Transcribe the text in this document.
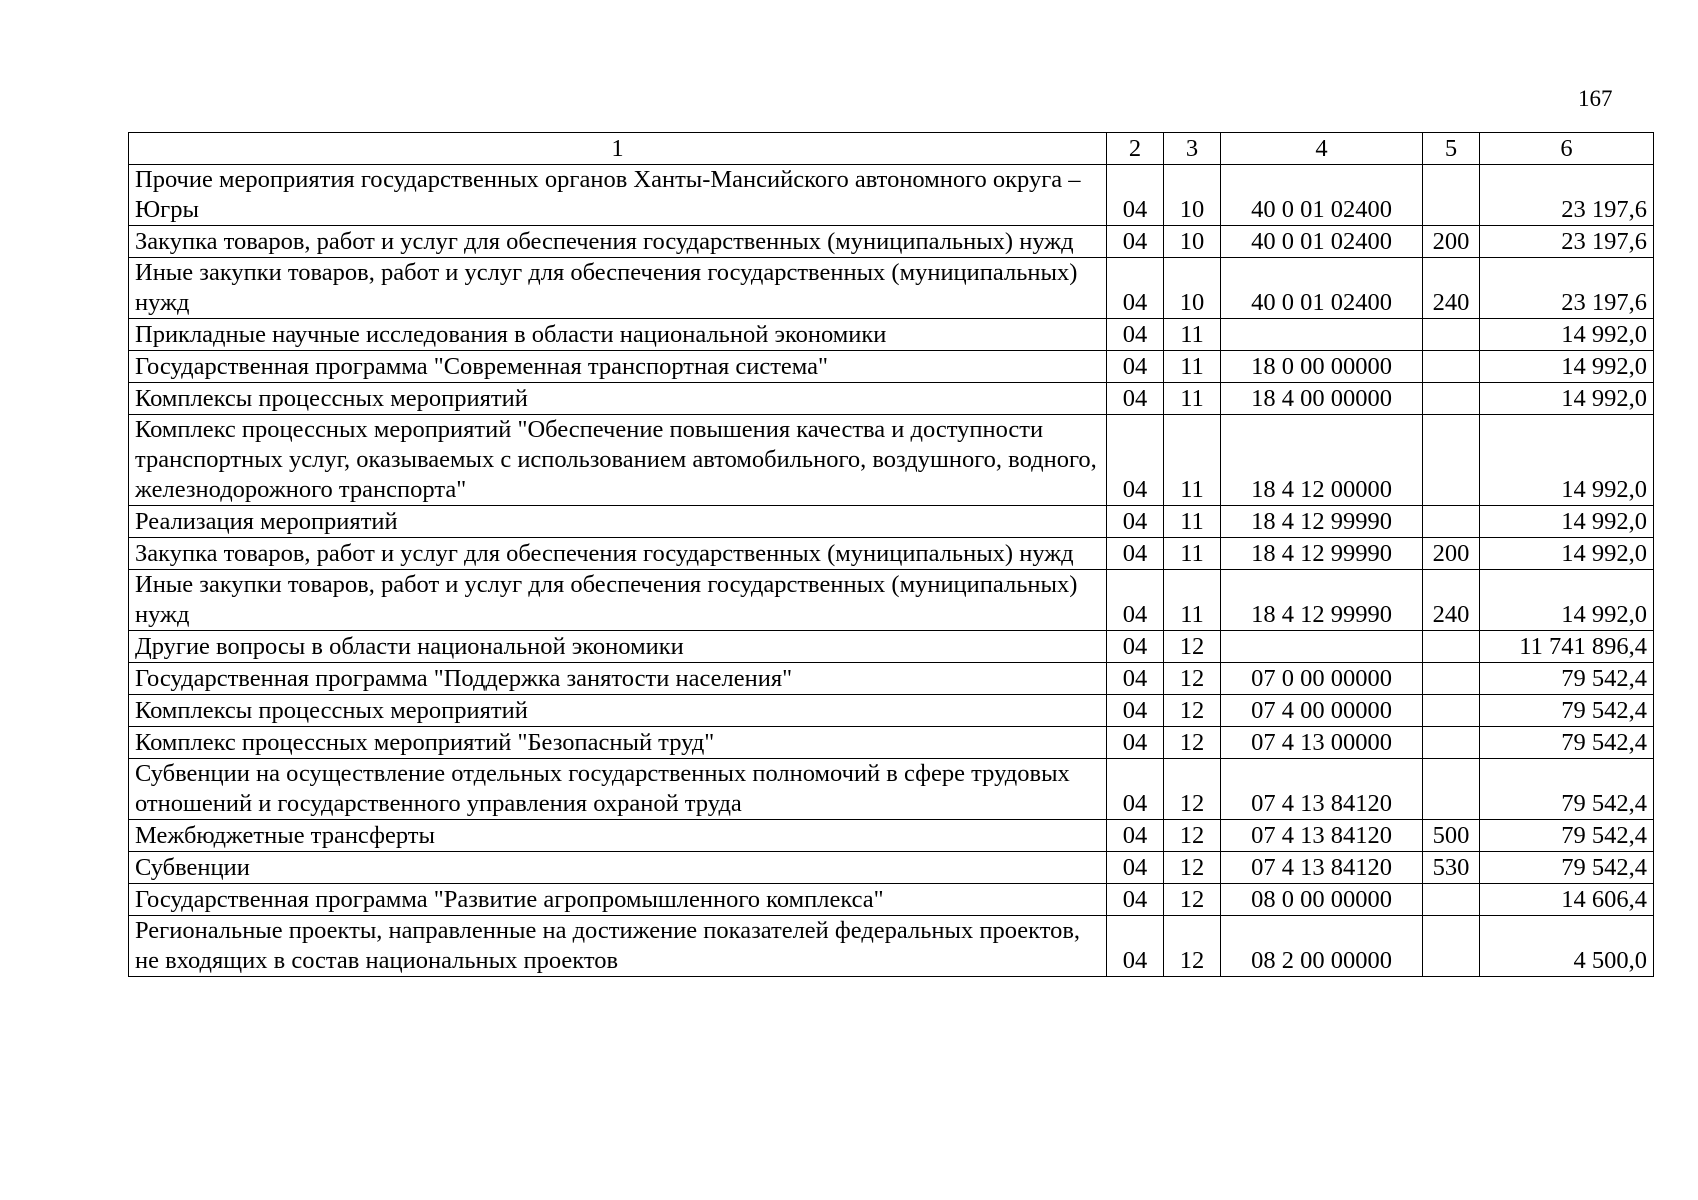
167
1	2	3	4	5	6
Прочие мероприятия государственных органов Ханты-Мансийского автономного округа – Югры	04	10	40 0 01 02400		23 197,6
Закупка товаров, работ и услуг для обеспечения государственных (муниципальных) нужд	04	10	40 0 01 02400	200	23 197,6
Иные закупки товаров, работ и услуг для обеспечения государственных (муниципальных) нужд	04	10	40 0 01 02400	240	23 197,6
Прикладные научные исследования в области национальной экономики	04	11			14 992,0
Государственная программа "Современная транспортная система"	04	11	18 0 00 00000		14 992,0
Комплексы процессных мероприятий	04	11	18 4 00 00000		14 992,0
Комплекс процессных мероприятий "Обеспечение повышения качества и доступности транспортных услуг, оказываемых с использованием автомобильного, воздушного, водного, железнодорожного транспорта"	04	11	18 4 12 00000		14 992,0
Реализация мероприятий	04	11	18 4 12 99990		14 992,0
Закупка товаров, работ и услуг для обеспечения государственных (муниципальных) нужд	04	11	18 4 12 99990	200	14 992,0
Иные закупки товаров, работ и услуг для обеспечения государственных (муниципальных) нужд	04	11	18 4 12 99990	240	14 992,0
Другие вопросы в области национальной экономики	04	12			11 741 896,4
Государственная программа "Поддержка занятости населения"	04	12	07 0 00 00000		79 542,4
Комплексы процессных мероприятий	04	12	07 4 00 00000		79 542,4
Комплекс процессных мероприятий "Безопасный труд"	04	12	07 4 13 00000		79 542,4
Субвенции на осуществление отдельных государственных полномочий в сфере трудовых отношений и государственного управления охраной труда	04	12	07 4 13 84120		79 542,4
Межбюджетные трансферты	04	12	07 4 13 84120	500	79 542,4
Субвенции	04	12	07 4 13 84120	530	79 542,4
Государственная программа "Развитие агропромышленного комплекса"	04	12	08 0 00 00000		14 606,4
Региональные проекты, направленные на достижение показателей федеральных проектов, не входящих в состав национальных проектов	04	12	08 2 00 00000		4 500,0
